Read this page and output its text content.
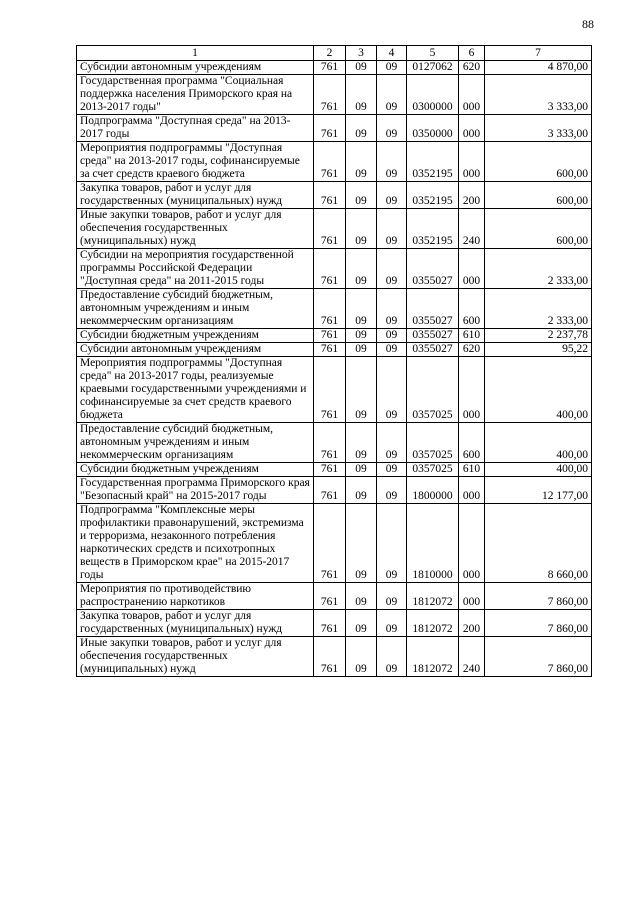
88
1	2	3	4	5	6	7
Субсидии автономным учреждениям	761	09	09	0127062	620	4 870,00
Государственная программа "Социальная поддержка населения Приморского края на 2013-2017 годы"	761	09	09	0300000	000	3 333,00
Подпрограмма "Доступная среда" на 2013-2017 годы	761	09	09	0350000	000	3 333,00
Мероприятия подпрограммы "Доступная среда" на 2013-2017 годы, софинансируемые за счет средств краевого бюджета	761	09	09	0352195	000	600,00
Закупка товаров, работ и услуг для государственных (муниципальных) нужд	761	09	09	0352195	200	600,00
Иные закупки товаров, работ и услуг для обеспечения государственных (муниципальных) нужд	761	09	09	0352195	240	600,00
Субсидии на мероприятия государственной программы Российской Федерации "Доступная среда" на 2011-2015 годы	761	09	09	0355027	000	2 333,00
Предоставление субсидий бюджетным, автономным учреждениям и иным некоммерческим организациям	761	09	09	0355027	600	2 333,00
Субсидии бюджетным учреждениям	761	09	09	0355027	610	2 237,78
Субсидии автономным учреждениям	761	09	09	0355027	620	95,22
Мероприятия подпрограммы "Доступная среда" на 2013-2017 годы, реализуемые краевыми государственными учреждениями и софинансируемые за счет средств краевого бюджета	761	09	09	0357025	000	400,00
Предоставление субсидий бюджетным, автономным учреждениям и иным некоммерческим организациям	761	09	09	0357025	600	400,00
Субсидии бюджетным учреждениям	761	09	09	0357025	610	400,00
Государственная программа Приморского края "Безопасный край" на 2015-2017 годы	761	09	09	1800000	000	12 177,00
Подпрограмма "Комплексные меры профилактики правонарушений, экстремизма и терроризма, незаконного потребления наркотических средств и психотропных веществ в Приморском крае" на 2015-2017 годы	761	09	09	1810000	000	8 660,00
Мероприятия по противодействию распространению наркотиков	761	09	09	1812072	000	7 860,00
Закупка товаров, работ и услуг для государственных (муниципальных) нужд	761	09	09	1812072	200	7 860,00
Иные закупки товаров, работ и услуг для обеспечения государственных (муниципальных) нужд	761	09	09	1812072	240	7 860,00
